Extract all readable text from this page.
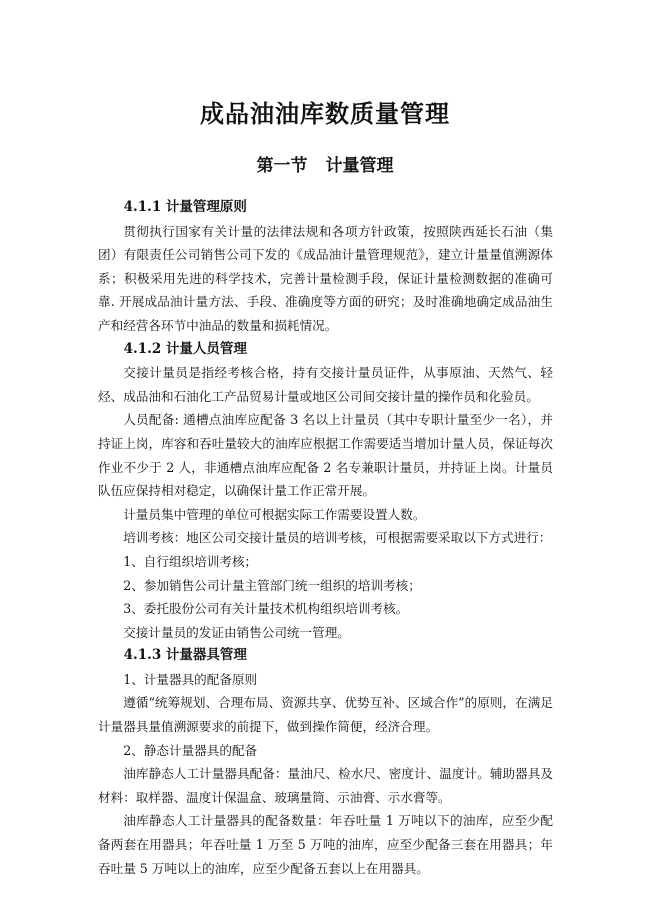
成品油油库数质量管理
第一节 计量管理
4.1.1 计量管理原则

贯彻执行国家有关计量的法律法规和各项方针政策，按照陕西延长石油（集团）有限责任公司销售公司下发的《成品油计量管理规范》，建立计量量值溯源体系；积极采用先进的科学技术，完善计量检测手段，保证计量检测数据的准确可靠. 开展成品油计量方法、手段、准确度等方面的研究；及时准确地确定成品油生产和经营各环节中油品的数量和损耗情况。

4.1.2 计量人员管理

交接计量员是指经考核合格，持有交接计量员证件，从事原油、天然气、轻烃、成品油和石油化工产品贸易计量或地区公司间交接计量的操作员和化验员。

人员配备: 通槽点油库应配备 3 名以上计量员（其中专职计量至少一名），并持证上岗，库容和吞吐量较大的油库应根据工作需要适当增加计量人员，保证每次作业不少于 2 人，非通槽点油库应配备 2 名专兼职计量员，并持证上岗。计量员队伍应保持相对稳定，以确保计量工作正常开展。

计量员集中管理的单位可根据实际工作需要设置人数。

培训考核：地区公司交接计量员的培训考核，可根据需要采取以下方式进行：

1、自行组织培训考核；

2、参加销售公司计量主管部门统一组织的培训考核；

3、委托股份公司有关计量技术机构组织培训考核。

交接计量员的发证由销售公司统一管理。

4.1.3 计量器具管理

1、计量器具的配备原则

遵循“统筹规划、合理布局、资源共享、优势互补、区域合作”的原则，在满足计量器具量值溯源要求的前提下，做到操作简便，经济合理。

2、静态计量器具的配备

油库静态人工计量器具配备：量油尺、检水尺、密度计、温度计。辅助器具及材料：取样器、温度计保温盒、玻璃量筒、示油膏、示水膏等。

油库静态人工计量器具的配备数量：年吞吐量 1 万吨以下的油库，应至少配备两套在用器具；年吞吐量 1 万至 5 万吨的油库，应至少配备三套在用器具；年吞吐量 5 万吨以上的油库，应至少配备五套以上在用器具。
